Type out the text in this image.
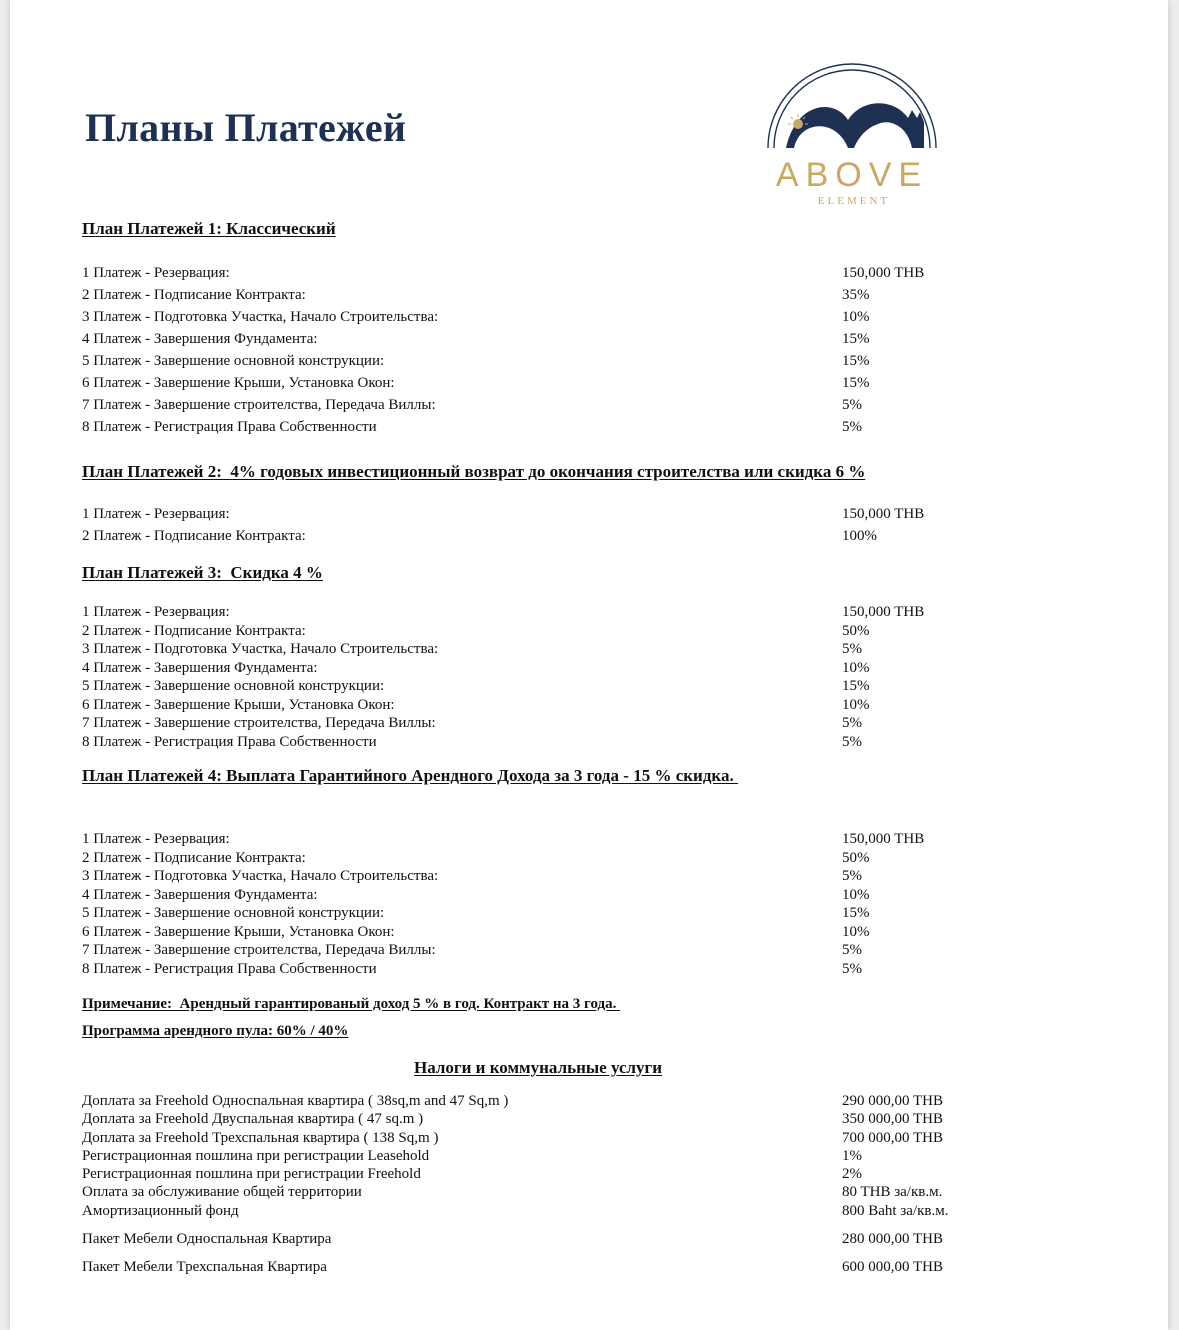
Планы Платежей
ABOVE
ELEMENT
План Платежей 1: Классический
1 Платеж - Резервация:	150,000 THB
2 Платеж - Подписание Контракта:	35%
3 Платеж - Подготовка Участка, Начало Строительства:	10%
4 Платеж - Завершения Фундамента:	15%
5 Платеж - Завершение основной конструкции:	15%
6 Платеж - Завершение Крыши, Установка Окон:	15%
7 Платеж - Завершение строителства, Передача Виллы:	5%
8 Платеж - Регистрация Права Собственности	5%
План Платежей 2:  4% годовых инвестиционный возврат до окончания строителства или скидка 6 %
1 Платеж - Резервация:	150,000 THB
2 Платеж - Подписание Контракта:	100%
План Платежей 3:  Скидка 4 %
1 Платеж - Резервация:	150,000 THB
2 Платеж - Подписание Контракта:	50%
3 Платеж - Подготовка Участка, Начало Строительства:	5%
4 Платеж - Завершения Фундамента:	10%
5 Платеж - Завершение основной конструкции:	15%
6 Платеж - Завершение Крыши, Установка Окон:	10%
7 Платеж - Завершение строителства, Передача Виллы:	5%
8 Платеж - Регистрация Права Собственности	5%
План Платежей 4: Выплата Гарантийного Арендного Дохода за 3 года - 15 % скидка.
1 Платеж - Резервация:	150,000 THB
2 Платеж - Подписание Контракта:	50%
3 Платеж - Подготовка Участка, Начало Строительства:	5%
4 Платеж - Завершения Фундамента:	10%
5 Платеж - Завершение основной конструкции:	15%
6 Платеж - Завершение Крыши, Установка Окон:	10%
7 Платеж - Завершение строителства, Передача Виллы:	5%
8 Платеж - Регистрация Права Собственности	5%

Примечание:  Арендный гарантированый доход 5 % в год. Контракт на 3 года.

Программа арендного пула: 60% / 40%

Налоги и коммунальные услуги
Доплата за Freehold Односпальная квартира ( 38sq,m and 47 Sq,m )	290 000,00 THB
Доплата за Freehold Двуспальная квартира ( 47 sq.m )	350 000,00 THB
Доплата за Freehold Трехспальная квартира ( 138 Sq,m )	700 000,00 THB
Регистрационная пошлина при регистрации Leasehold	1%
Регистрационная пошлина при регистрации Freehold	2%
Оплата за обслуживание общей территории	80 THB за/кв.м.
Амортизационный фонд	800 Baht за/кв.м.
Пакет Мебели Односпальная Квартира	280 000,00 THB
Пакет Мебели Трехспальная Квартира	600 000,00 THB
